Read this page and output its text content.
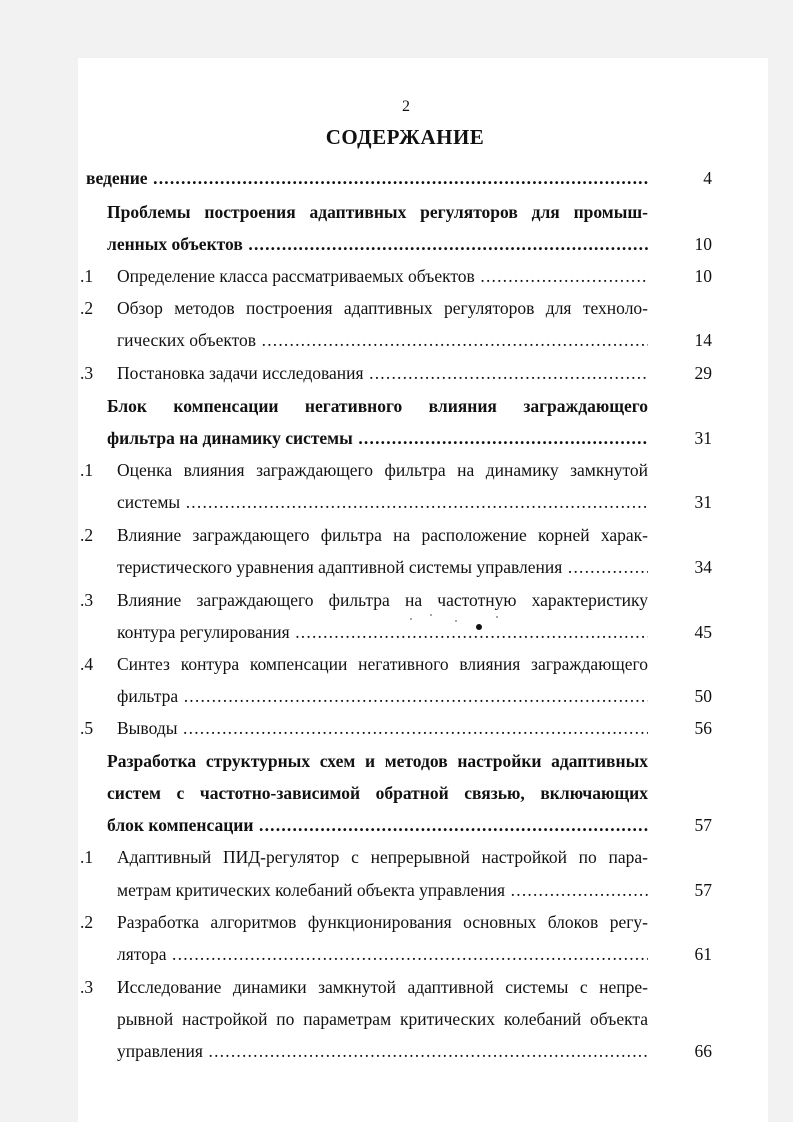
2
СОДЕРЖАНИЕ
ведение .....	4
Проблемы построения адаптивных регуляторов для промыш-
ленных объектов .....	10
.1	Определение класса рассматриваемых объектов .....	10
.2	Обзор методов построения адаптивных регуляторов для техноло-
гических объектов .....	14
.3	Постановка задачи исследования .....	29
Блок компенсации негативного влияния заграждающего
фильтра на динамику системы .....	31
.1	Оценка влияния заграждающего фильтра на динамику замкнутой
системы .....	31
.2	Влияние заграждающего фильтра на расположение корней харак-
теристического уравнения адаптивной системы управления .....	34
.3	Влияние заграждающего фильтра на частотную характеристику
контура регулирования .....	45
.4	Синтез контура компенсации негативного влияния заграждающего
фильтра .....	50
.5	Выводы .....	56
Разработка структурных схем и методов настройки адаптивных
систем с частотно-зависимой обратной связью, включающих
блок компенсации .....	57
.1	Адаптивный ПИД-регулятор с непрерывной настройкой по пара-
метрам критических колебаний объекта управления .....	57
.2	Разработка алгоритмов функционирования основных блоков регу-
лятора .....	61
.3	Исследование динамики замкнутой адаптивной системы с непре-
рывной настройкой по параметрам критических колебаний объекта
управления .....	66
